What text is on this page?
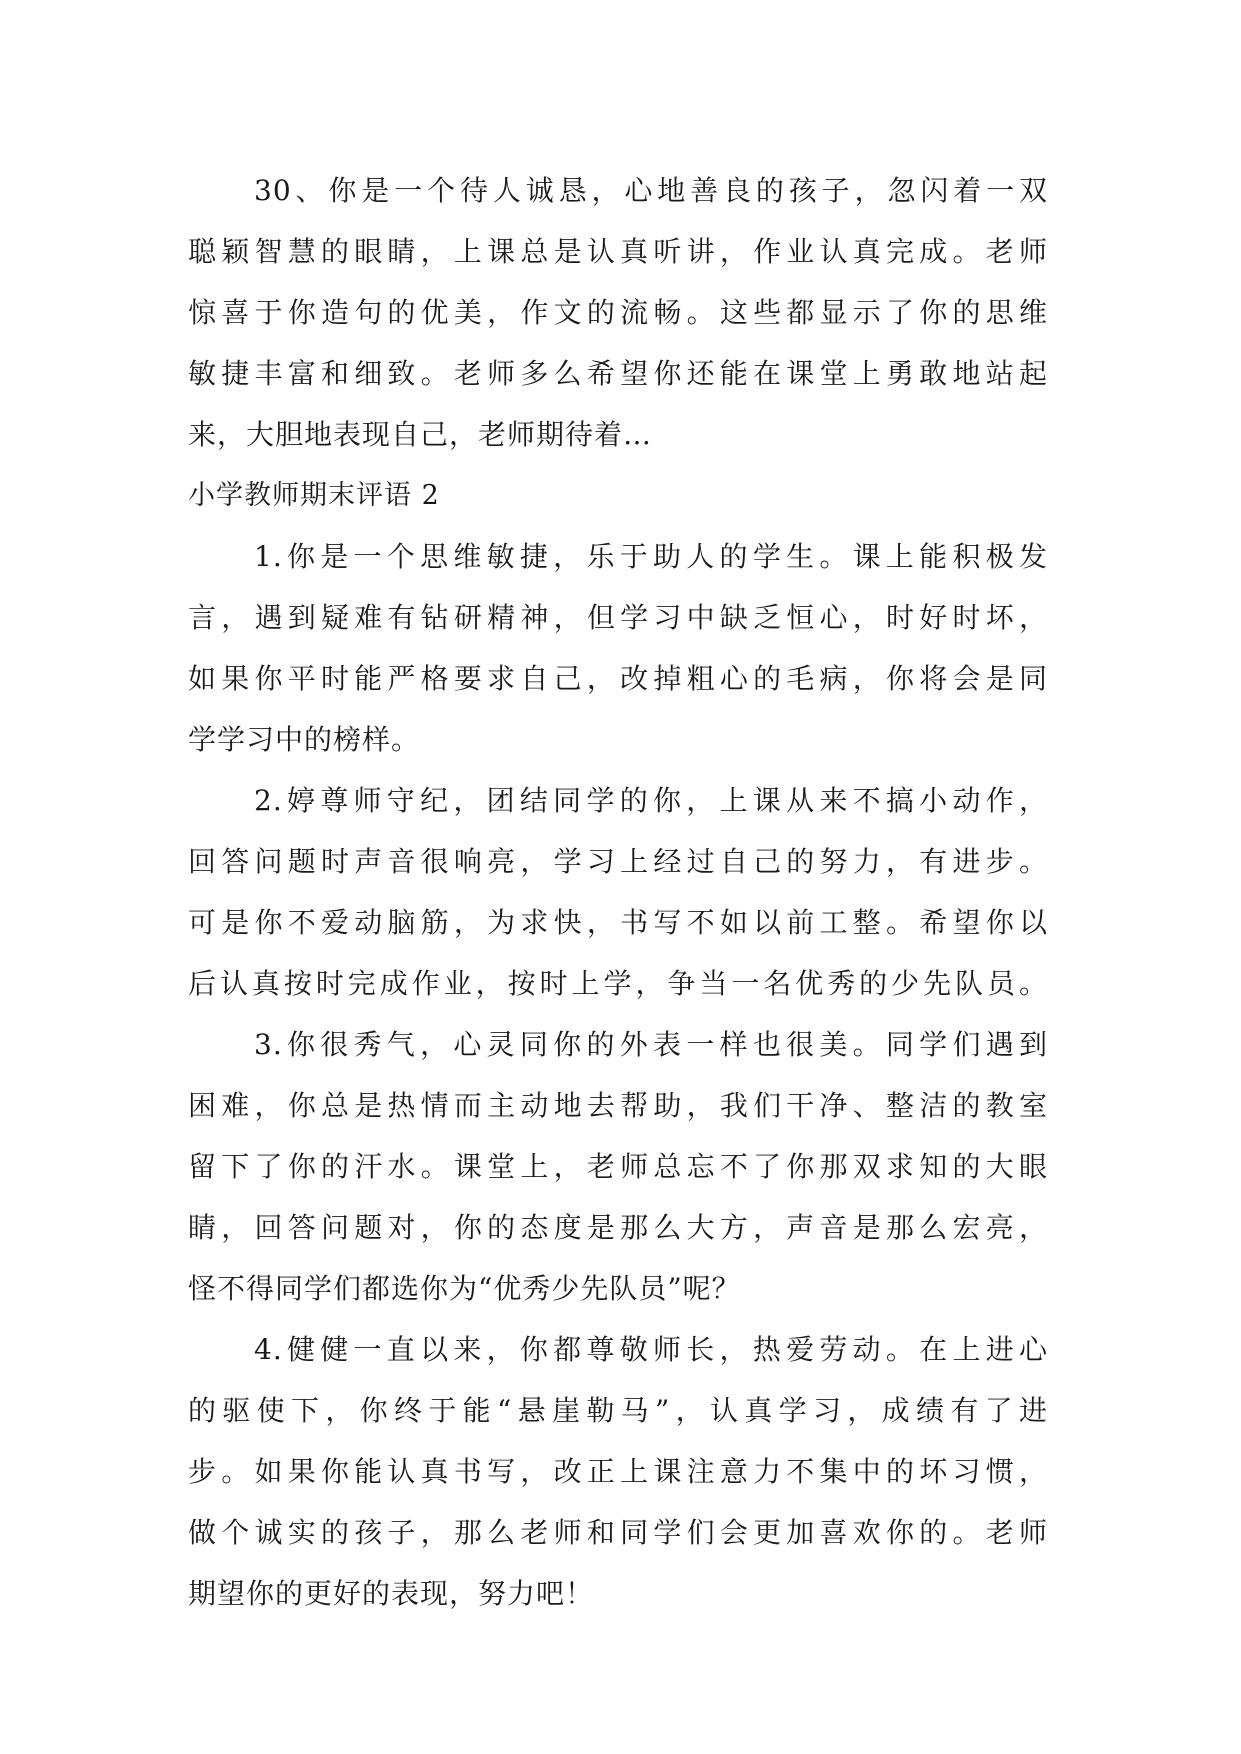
30、你是一个待人诚恳，心地善良的孩子，忽闪着一双
聪颖智慧的眼睛，上课总是认真听讲，作业认真完成。老师
惊喜于你造句的优美，作文的流畅。这些都显示了你的思维
敏捷丰富和细致。老师多么希望你还能在课堂上勇敢地站起
来，大胆地表现自己，老师期待着…
小学教师期末评语 2
1.你是一个思维敏捷，乐于助人的学生。课上能积极发
言，遇到疑难有钻研精神，但学习中缺乏恒心，时好时坏，
如果你平时能严格要求自己，改掉粗心的毛病，你将会是同
学学习中的榜样。
2.婷尊师守纪，团结同学的你，上课从来不搞小动作，
回答问题时声音很响亮，学习上经过自己的努力，有进步。
可是你不爱动脑筋，为求快，书写不如以前工整。希望你以
后认真按时完成作业，按时上学，争当一名优秀的少先队员。
3.你很秀气，心灵同你的外表一样也很美。同学们遇到
困难，你总是热情而主动地去帮助，我们干净、整洁的教室
留下了你的汗水。课堂上，老师总忘不了你那双求知的大眼
睛，回答问题对，你的态度是那么大方，声音是那么宏亮，
怪不得同学们都选你为“优秀少先队员”呢？
4.健健一直以来，你都尊敬师长，热爱劳动。在上进心
的驱使下，你终于能“悬崖勒马”，认真学习，成绩有了进
步。如果你能认真书写，改正上课注意力不集中的坏习惯，
做个诚实的孩子，那么老师和同学们会更加喜欢你的。老师
期望你的更好的表现，努力吧！
